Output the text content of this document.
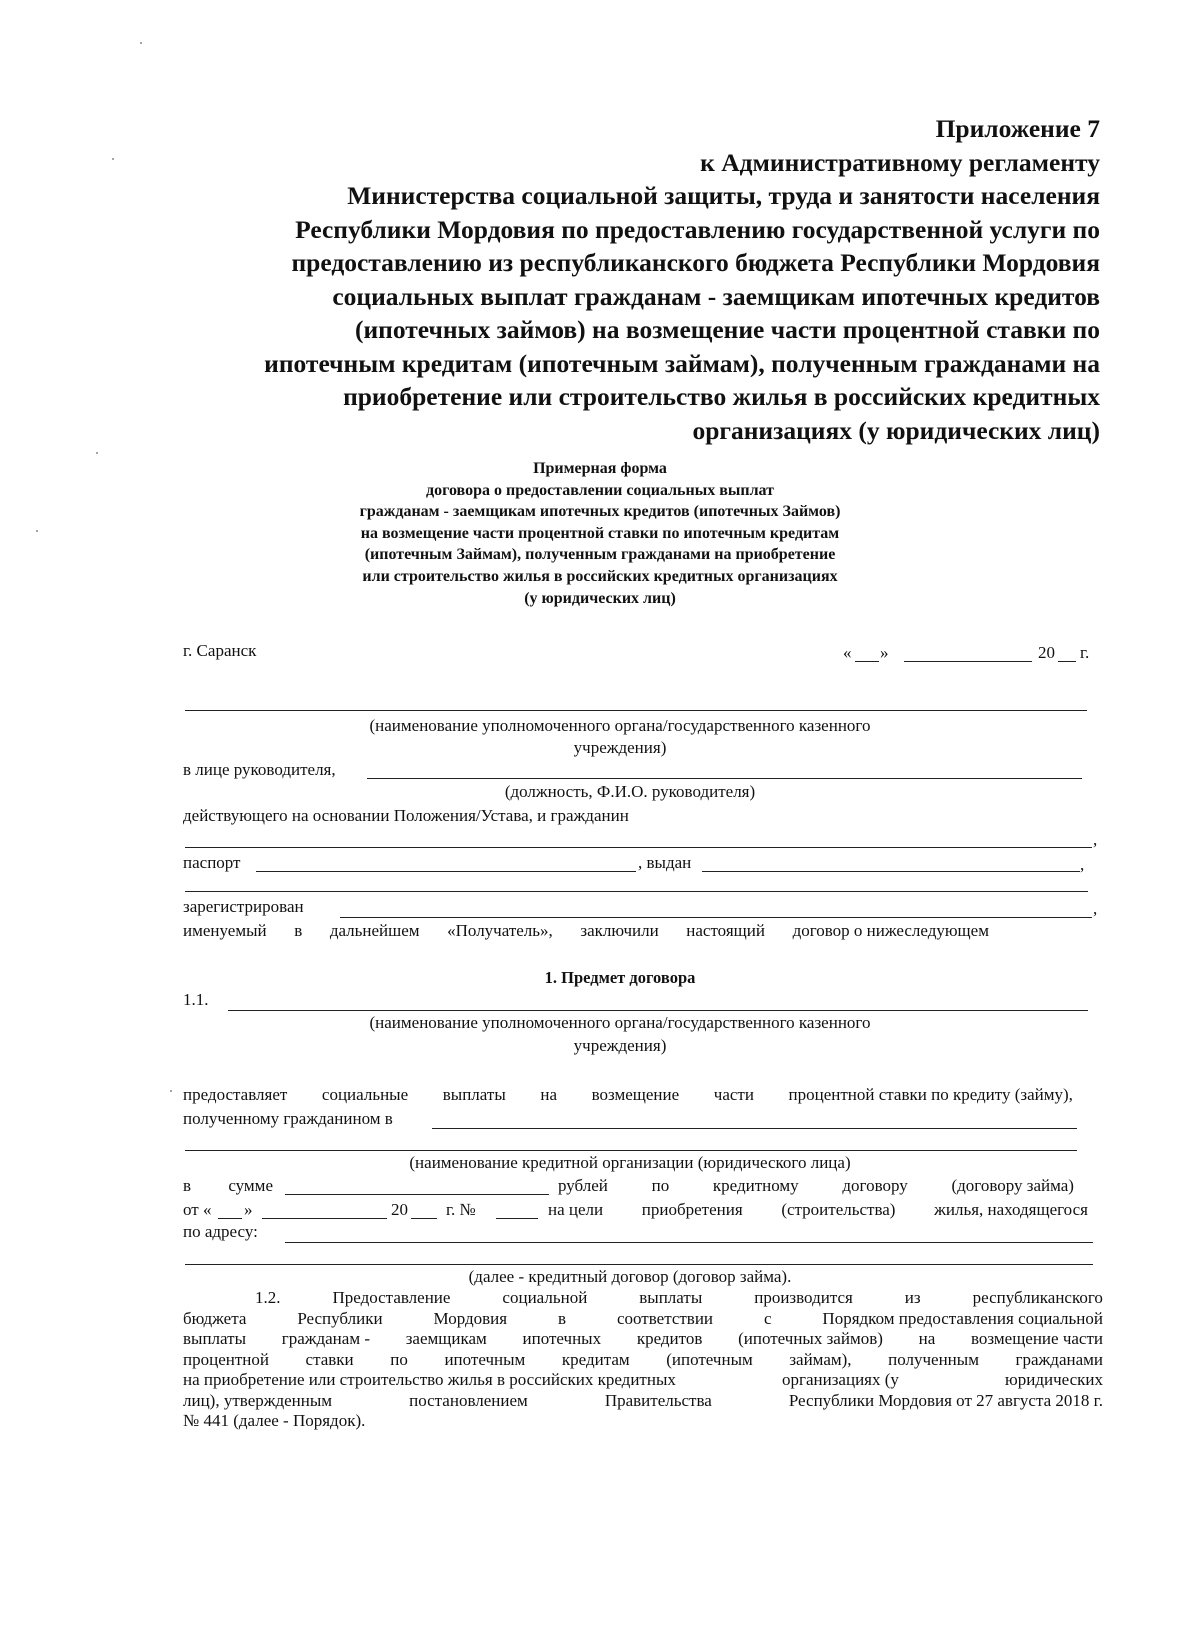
Приложение 7
к Административному регламенту
Министерства социальной защиты, труда и занятости населения
Республики Мордовия по предоставлению государственной услуги по
предоставлению из республиканского бюджета Республики Мордовия
социальных выплат гражданам - заемщикам ипотечных кредитов
(ипотечных займов) на возмещение части процентной ставки по
ипотечным кредитам (ипотечным займам), полученным гражданами на
приобретение или строительство жилья в российских кредитных
организациях (у юридических лиц)
Примерная форма
договора о предоставлении социальных выплат
гражданам - заемщикам ипотечных кредитов (ипотечных Займов)
на возмещение части процентной ставки по ипотечным кредитам
(ипотечным Займам), полученным гражданами на приобретение
или строительство жилья в российских кредитных организациях
(у юридических лиц)
г. Саранск	« »	20 г.
(наименование уполномоченного органа/государственного казенного
учреждения)
в лице руководителя,
(должность, Ф.И.О. руководителя)
действующего на основании Положения/Устава, и гражданин
,
паспорт	, выдан	,
зарегистрирован	,
именуемый в дальнейшем «Получатель», заключили настоящий договор о нижеследующем
1. Предмет договора
1.1.
(наименование уполномоченного органа/государственного казенного
учреждения)
предоставляет социальные выплаты на возмещение части процентной ставки по кредиту (займу),
полученному гражданином в
(наименование кредитной организации (юридического лица)
в сумме	рублей	по	кредитному	договору	(договору займа)
от « »	20 г. №	на цели приобретения (строительства) жилья, находящегося
по адресу:
(далее - кредитный договор (договор займа).
1.2.	Предоставление	социальной	выплаты	производится	из	республиканского
бюджета	Республики	Мордовия	в	соответствии	с	Порядком предоставления социальной
выплаты гражданам - заемщикам ипотечных кредитов (ипотечных займов) на возмещение части
процентной ставки по ипотечным кредитам (ипотечным займам), полученным гражданами
на приобретение или строительство жилья в российских кредитных	организациях (у	юридических
лиц), утвержденным	постановлением	Правительства	Республики Мордовия от 27 августа 2018 г.
№ 441 (далее - Порядок).
